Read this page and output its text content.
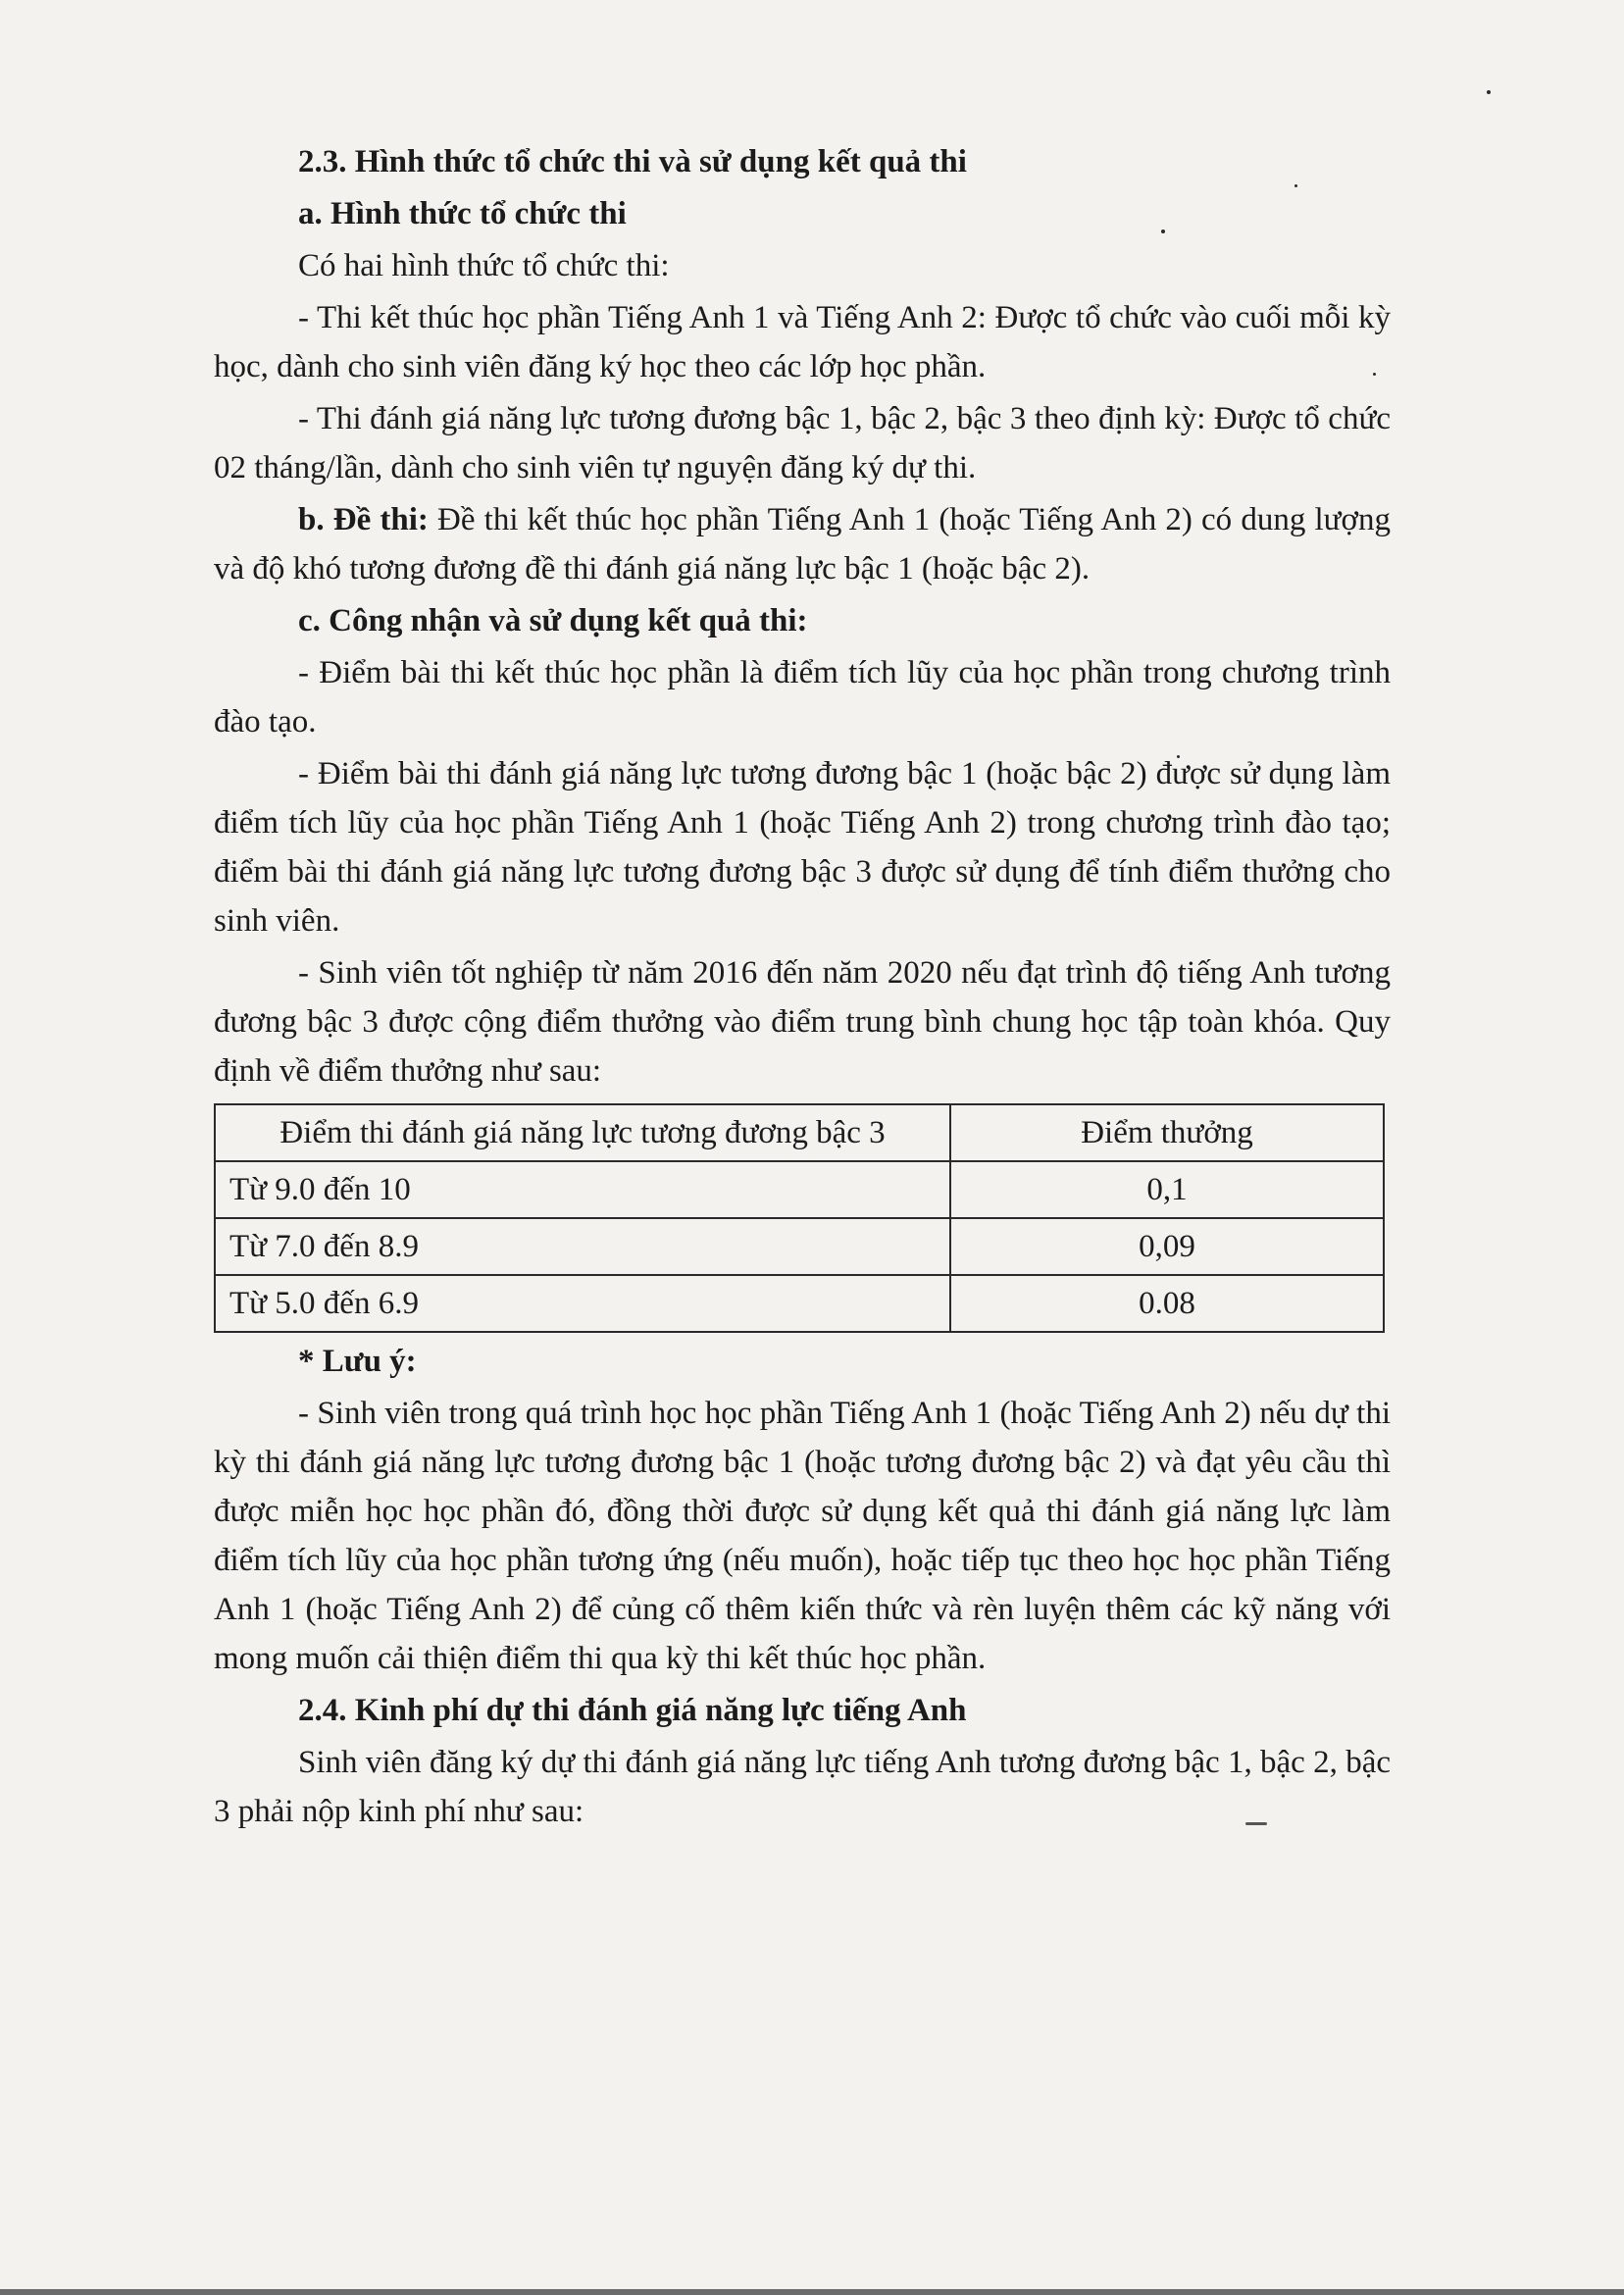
2.3. Hình thức tổ chức thi và sử dụng kết quả thi

a. Hình thức tổ chức thi

Có hai hình thức tổ chức thi:

- Thi kết thúc học phần Tiếng Anh 1 và Tiếng Anh 2: Được tổ chức vào cuối mỗi kỳ học, dành cho sinh viên đăng ký học theo các lớp học phần.

- Thi đánh giá năng lực tương đương bậc 1, bậc 2, bậc 3 theo định kỳ: Được tổ chức 02 tháng/lần, dành cho sinh viên tự nguyện đăng ký dự thi.

b. Đề thi: Đề thi kết thúc học phần Tiếng Anh 1 (hoặc Tiếng Anh 2) có dung lượng và độ khó tương đương đề thi đánh giá năng lực bậc 1 (hoặc bậc 2).

c. Công nhận và sử dụng kết quả thi:

- Điểm bài thi kết thúc học phần là điểm tích lũy của học phần trong chương trình đào tạo.

- Điểm bài thi đánh giá năng lực tương đương bậc 1 (hoặc bậc 2) được sử dụng làm điểm tích lũy của học phần Tiếng Anh 1 (hoặc Tiếng Anh 2) trong chương trình đào tạo; điểm bài thi đánh giá năng lực tương đương bậc 3 được sử dụng để tính điểm thưởng cho sinh viên.

- Sinh viên tốt nghiệp từ năm 2016 đến năm 2020 nếu đạt trình độ tiếng Anh tương đương bậc 3 được cộng điểm thưởng vào điểm trung bình chung học tập toàn khóa. Quy định về điểm thưởng như sau:

Điểm thi đánh giá năng lực tương đương bậc 3	Điểm thưởng
Từ 9.0 đến 10	0,1
Từ 7.0 đến 8.9	0,09
Từ 5.0 đến 6.9	0.08

* Lưu ý:

- Sinh viên trong quá trình học học phần Tiếng Anh 1 (hoặc Tiếng Anh 2) nếu dự thi kỳ thi đánh giá năng lực tương đương bậc 1 (hoặc tương đương bậc 2) và đạt yêu cầu thì được miễn học học phần đó, đồng thời được sử dụng kết quả thi đánh giá năng lực làm điểm tích lũy của học phần tương ứng (nếu muốn), hoặc tiếp tục theo học học phần Tiếng Anh 1 (hoặc Tiếng Anh 2) để củng cố thêm kiến thức và rèn luyện thêm các kỹ năng với mong muốn cải thiện điểm thi qua kỳ thi kết thúc học phần.

2.4. Kinh phí dự thi đánh giá năng lực tiếng Anh

Sinh viên đăng ký dự thi đánh giá năng lực tiếng Anh tương đương bậc 1, bậc 2, bậc 3 phải nộp kinh phí như sau:
